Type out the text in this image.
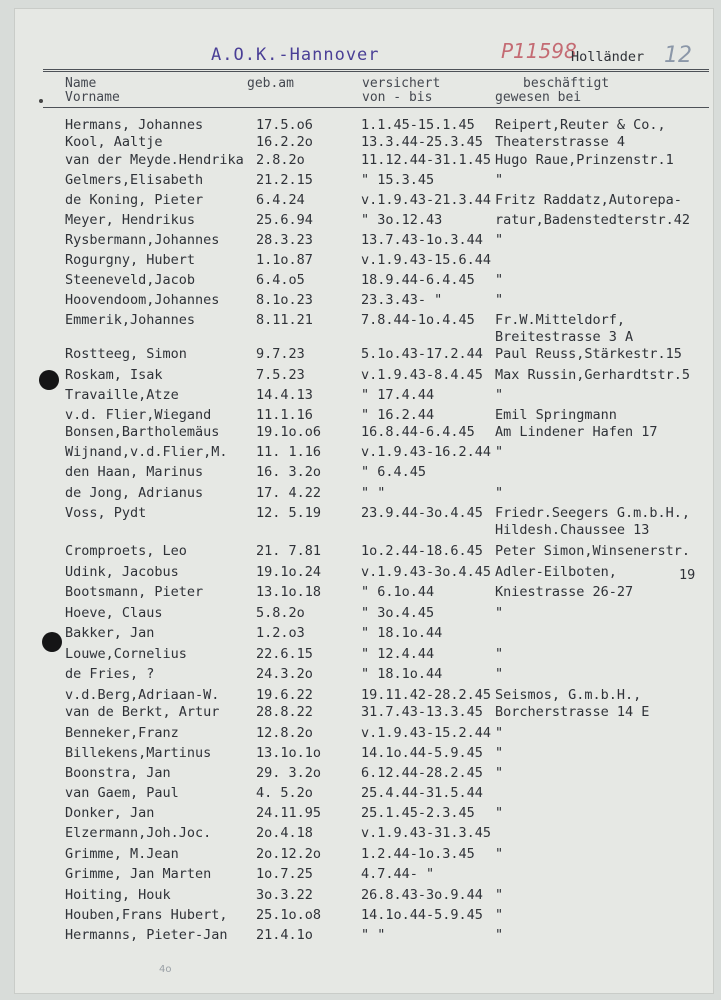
A.O.K.-Hannover	P11598
Holländer 12
Name
Vorname
geb.am	versichert
von - bis
beschäftigt
gewesen bei
19
4o
Hermans, Johannes	17.5.o6	1.1.45-15.1.45 Reipert,Reuter & Co.,
Kool, Aaltje	16.2.2o	13.3.44-25.3.45 Theaterstrasse 4
van der Meyde.Hendrika 2.8.2o	11.12.44-31.1.45 Hugo Raue,Prinzenstr.1
Gelmers,Elisabeth	21.2.15	" 15.3.45	"
de Koning, Pieter	6.4.24	v.1.9.43-21.3.44 Fritz Raddatz,Autorepa-
Meyer, Hendrikus	25.6.94	" 3o.12.43	ratur,Badenstedterstr.42
Rysbermann,Johannes	28.3.23	13.7.43-1o.3.44 "
Rogurgny, Hubert	1.1o.87	v.1.9.43-15.6.44
Steeneveld,Jacob	6.4.o5	18.9.44-6.4.45 "
Hoovendoom,Johannes	8.1o.23	23.3.43- "	"
Emmerik,Johannes	8.11.21	7.8.44-1o.4.45 Fr.W.Mitteldorf,
Breitestrasse 3 A
Rostteeg, Simon	9.7.23	5.1o.43-17.2.44 Paul Reuss,Stärkestr.15
Roskam, Isak	7.5.23	v.1.9.43-8.4.45 Max Russin,Gerhardtstr.5
Travaille,Atze	14.4.13	" 17.4.44	"
v.d. Flier,Wiegand	11.1.16	" 16.2.44	Emil Springmann
Bonsen,Bartholemäus	19.1o.o6	16.8.44-6.4.45 Am Lindener Hafen 17
Wijnand,v.d.Flier,M. 11. 1.16	v.1.9.43-16.2.44 "
den Haan, Marinus	16. 3.2o	" 6.4.45
de Jong, Adrianus	17. 4.22	" "	"
Voss, Pydt	12. 5.19	23.9.44-3o.4.45 Friedr.Seegers G.m.b.H.,
Hildesh.Chaussee 13
Cromproets, Leo	21. 7.81	1o.2.44-18.6.45 Peter Simon,Winsenerstr.
Udink, Jacobus	19.1o.24	v.1.9.43-3o.4.45 Adler-Eilboten,
Bootsmann, Pieter	13.1o.18	" 6.1o.44	Kniestrasse 26-27
Hoeve, Claus	5.8.2o	" 3o.4.45	"
Bakker, Jan	1.2.o3	" 18.1o.44
Louwe,Cornelius	22.6.15	" 12.4.44	"
de Fries, ?	24.3.2o	" 18.1o.44	"
v.d.Berg,Adriaan-W.	19.6.22	19.11.42-28.2.45 Seismos, G.m.b.H.,
van de Berkt, Artur	28.8.22	31.7.43-13.3.45 Borcherstrasse 14 E
Benneker,Franz	12.8.2o	v.1.9.43-15.2.44 "
Billekens,Martinus	13.1o.1o	14.1o.44-5.9.45 "
Boonstra, Jan	29. 3.2o	6.12.44-28.2.45 "
van Gaem, Paul	4. 5.2o	25.4.44-31.5.44
Donker, Jan	24.11.95	25.1.45-2.3.45 "
Elzermann,Joh.Joc.	2o.4.18	v.1.9.43-31.3.45
Grimme, M.Jean	2o.12.2o	1.2.44-1o.3.45 "
Grimme, Jan Marten	1o.7.25	4.7.44- "
Hoiting, Houk	3o.3.22	26.8.43-3o.9.44 "
Houben,Frans Hubert, 25.1o.o8	14.1o.44-5.9.45 "
Hermanns, Pieter-Jan 21.4.1o	" "	"
